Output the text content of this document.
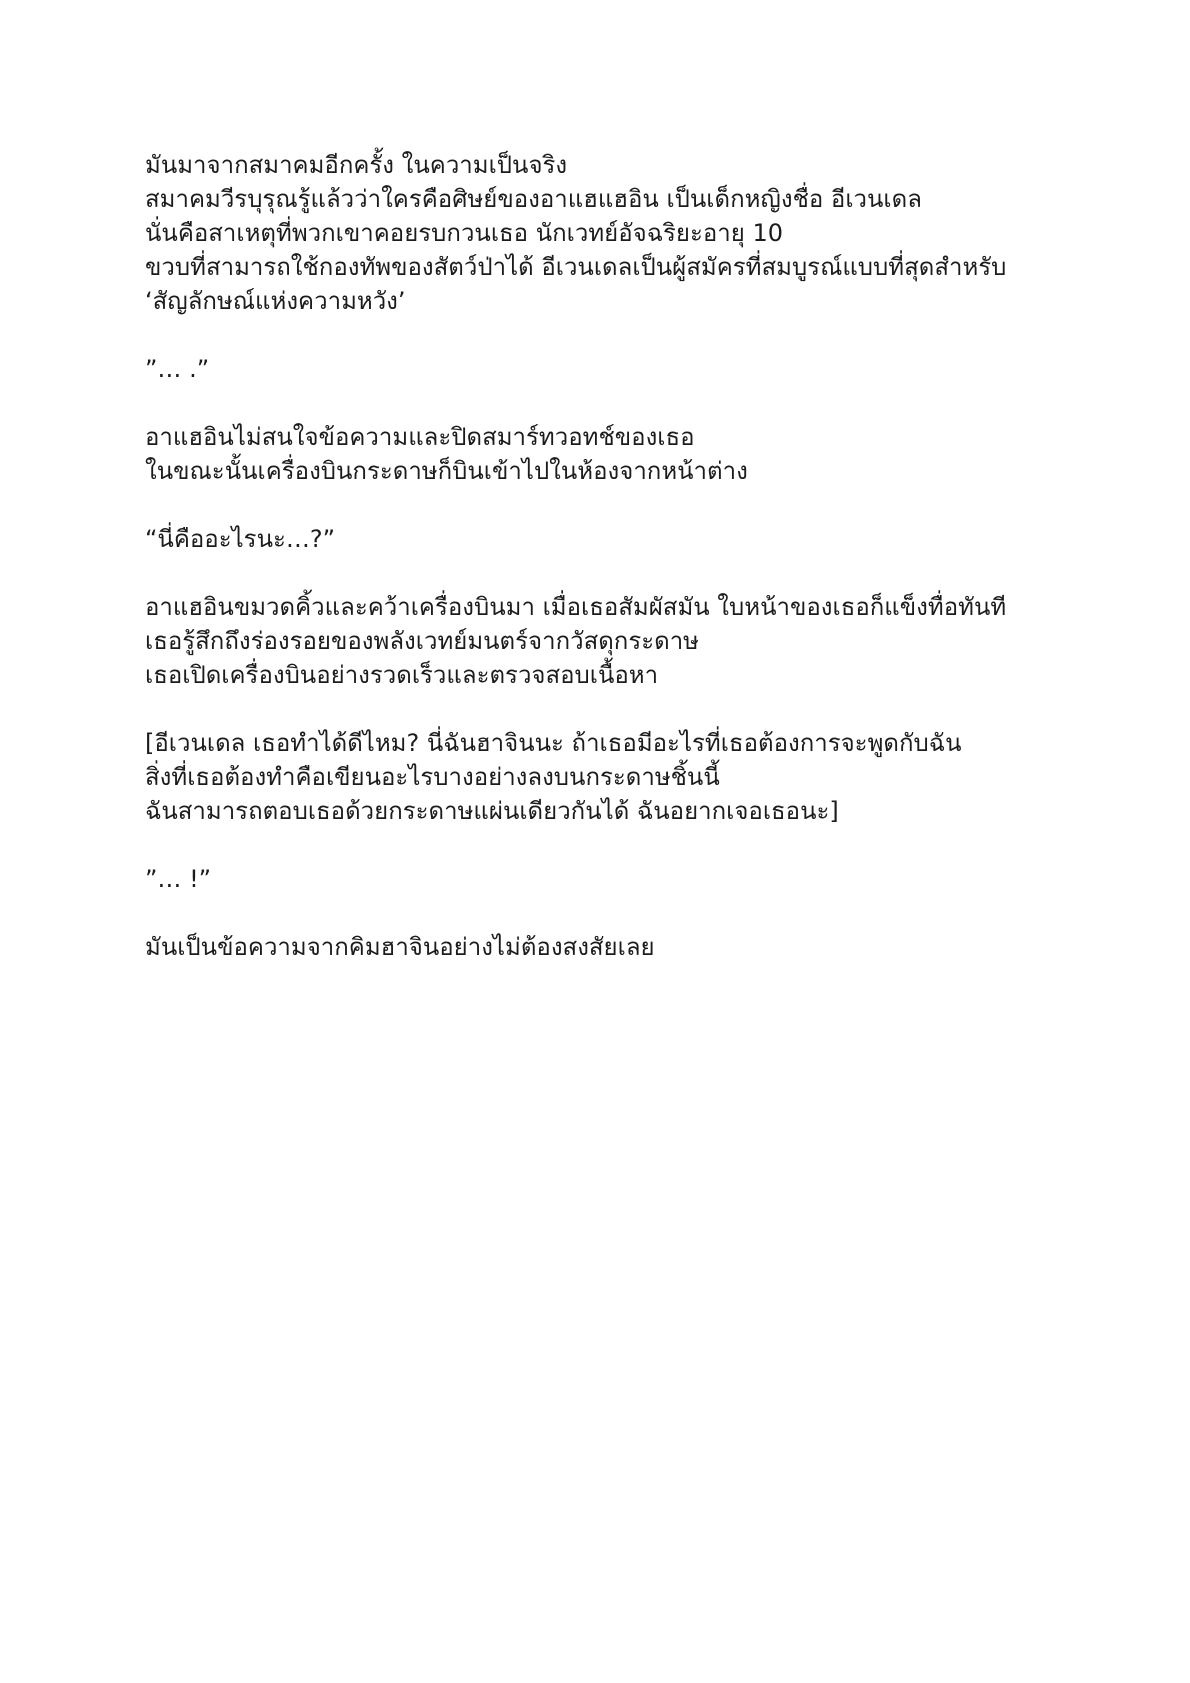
มันมาจากสมาคมอีกครั้ง ในความเป็นจริง
สมาคมวีรบุรุณรู้แล้วว่าใครคือศิษย์ของอาแฮแฮอิน เป็นเด็กหญิงชื่อ อีเวนเดล
นั่นคือสาเหตุที่พวกเขาคอยรบกวนเธอ นักเวทย์อัจฉริยะอายุ 10
ขวบที่สามารถใช้กองทัพของสัตว์ป่าได้ อีเวนเดลเป็นผู้สมัครที่สมบูรณ์แบบที่สุดสำหรับ
‘สัญลักษณ์แห่งความหวัง’

”… .”

อาแฮอินไม่สนใจข้อความและปิดสมาร์ทวอทช์ของเธอ
ในขณะนั้นเครื่องบินกระดาษก็บินเข้าไปในห้องจากหน้าต่าง

“นี่คืออะไรนะ…?”

อาแฮอินขมวดคิ้วและคว้าเครื่องบินมา เมื่อเธอสัมผัสมัน ใบหน้าของเธอก็แข็งทื่อทันที
เธอรู้สึกถึงร่องรอยของพลังเวทย์มนตร์จากวัสดุกระดาษ
เธอเปิดเครื่องบินอย่างรวดเร็วและตรวจสอบเนื้อหา

[อีเวนเดล เธอทำได้ดีไหม? นี่ฉันฮาจินนะ ถ้าเธอมีอะไรที่เธอต้องการจะพูดกับฉัน
สิ่งที่เธอต้องทำคือเขียนอะไรบางอย่างลงบนกระดาษชิ้นนี้
ฉันสามารถตอบเธอด้วยกระดาษแผ่นเดียวกันได้ ฉันอยากเจอเธอนะ]

”… !”

มันเป็นข้อความจากคิมฮาจินอย่างไม่ต้องสงสัยเลย
